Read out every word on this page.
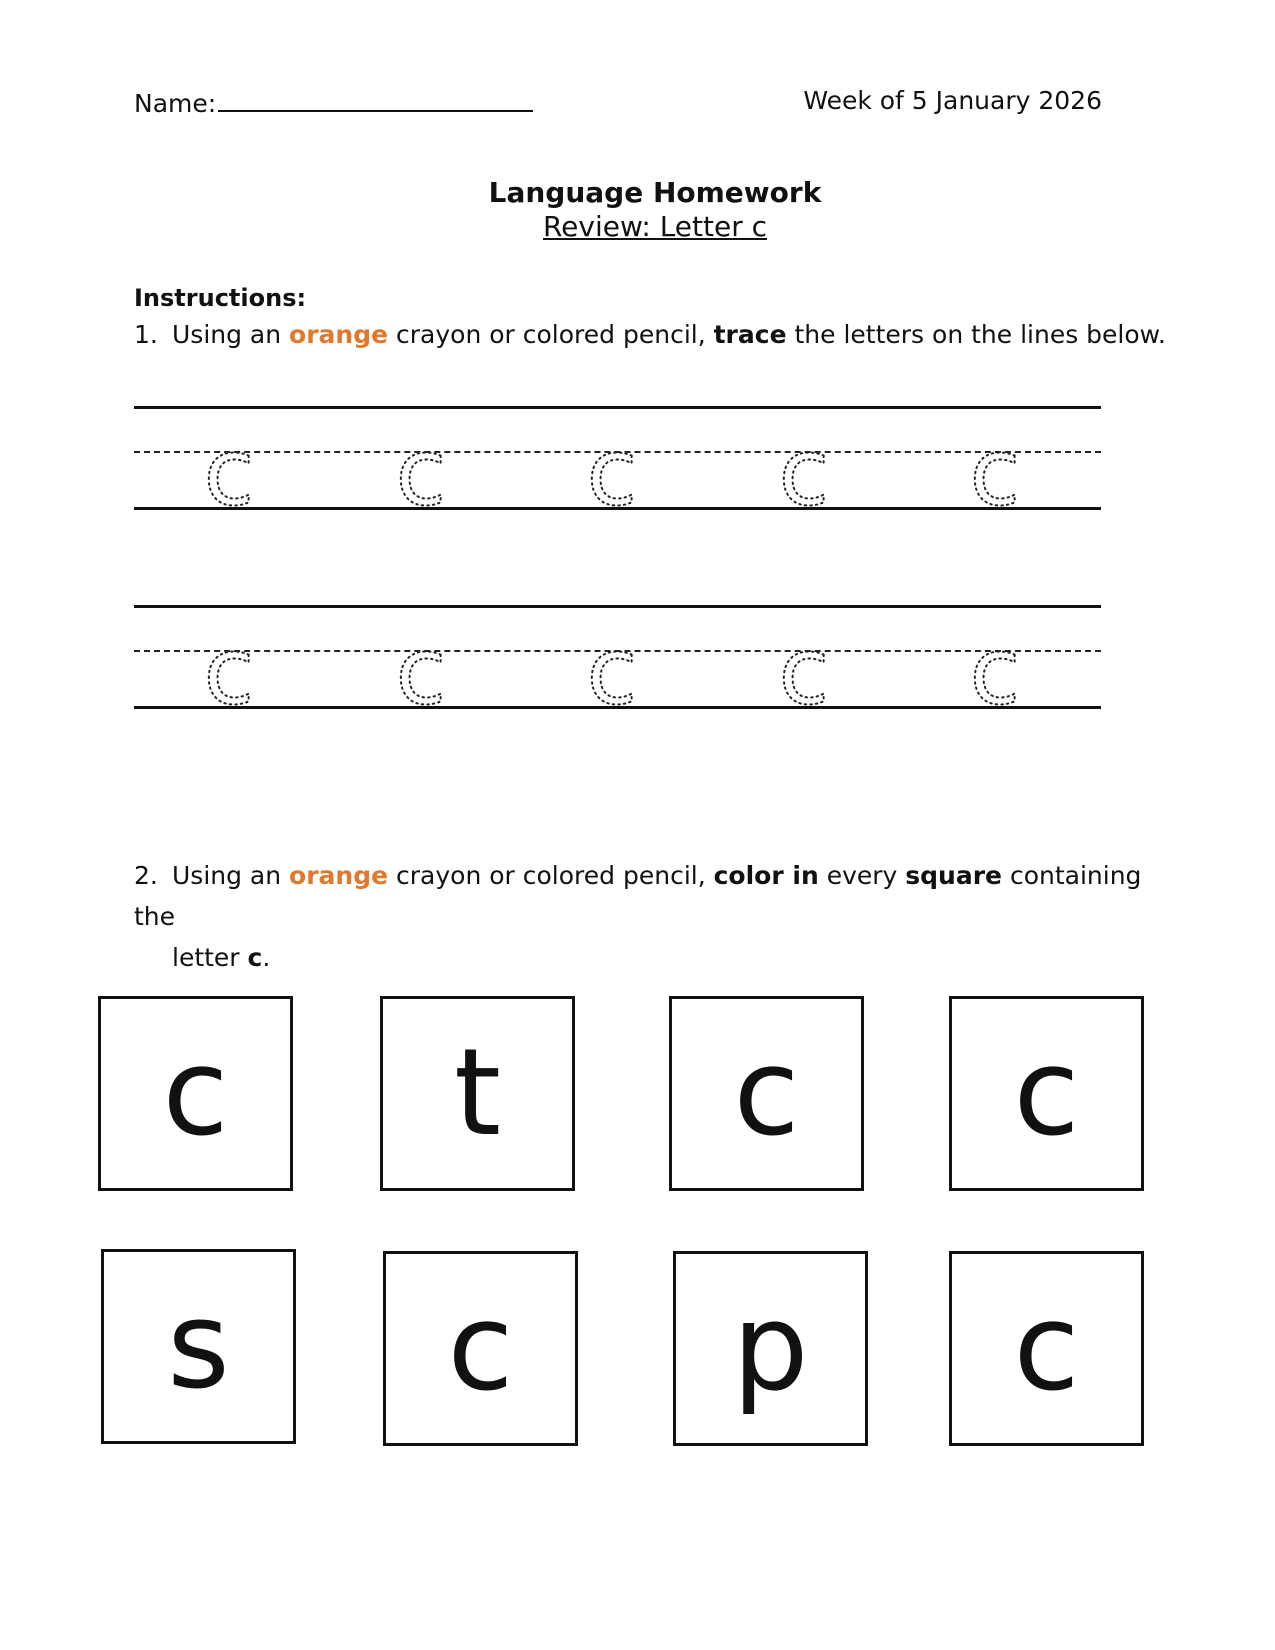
Name:	Week of 5 January 2026
Language Homework
Review: Letter c
Instructions:
1. Using an orange crayon or colored pencil, trace the letters on the lines below.
c c c c c
c c c c c
2. Using an orange crayon or colored pencil, color in every square containing the
letter c.
c	t	c	c
s	c	p	c
